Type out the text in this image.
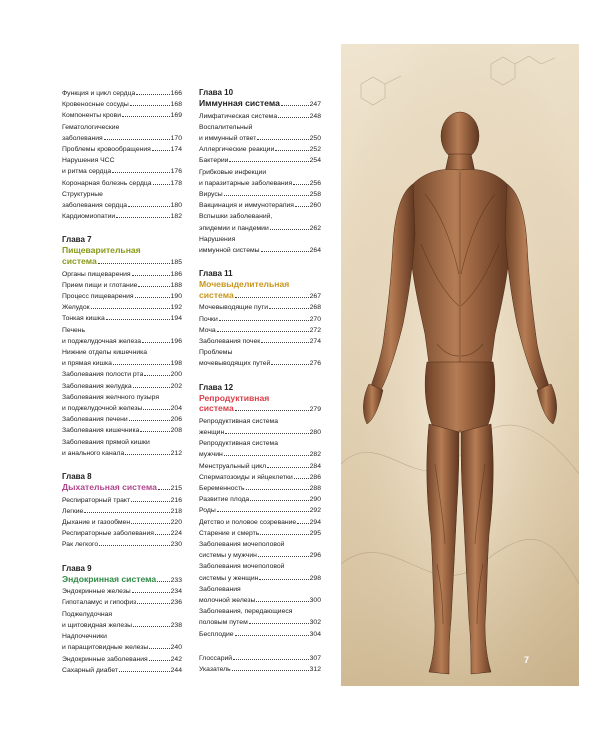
Функция и цикл сердца	166
Кровеносные сосуды	168
Компоненты крови	169
Гематологические
заболевания	170
Проблемы кровообращения	174
Нарушения ЧСС
и ритма сердца	176
Коронарная болезнь сердца	178
Структурные
заболевания сердца	180
Кардиомиопатии	182
Глава 7
Пищеварительная
система	185
Органы пищеварения	186
Прием пищи и глотание	188
Процесс пищеварения	190
Желудок	192
Тонкая кишка	194
Печень
и поджелудочная железа	196
Нижние отделы кишечника
и прямая кишка	198
Заболевания полости рта	200
Заболевания желудка	202
Заболевания желчного пузыря
и поджелудочной железы	204
Заболевания печени	206
Заболевания кишечника	208
Заболевания прямой кишки
и анального канала	212
Глава 8
Дыхательная система 215
Респираторный тракт	216
Легкие	218
Дыхание и газообмен	220
Респираторные заболевания 224
Рак легкого	230
Глава 9
Эндокринная система 233
Эндокринные железы	234
Гипоталамус и гипофиз	236
Поджелудочная
и щитовидная железы	238
Надпочечники
и паращитовидные железы	240
Эндокринные заболевания	242
Сахарный диабет	244
Глава 10
Иммунная система	247
Лимфатическая система	248
Воспалительный
и иммунный ответ	250
Аллергические реакции	252
Бактерии	254
Грибковые инфекции
и паразитарные заболевания	256
Вирусы	258
Вакцинация и иммунотерапия 260
Вспышки заболеваний,
эпидемии и пандемии	262
Нарушения
иммунной системы	264
Глава 11
Мочевыделительная
система	267
Мочевыводящие пути	268
Почки	270
Моча	272
Заболевания почек	274
Проблемы
мочевыводящих путей	276
Глава 12
Репродуктивная
система	279
Репродуктивная система
женщин	280
Репродуктивная система
мужчин	282
Менструальный цикл	284
Сперматозоиды и яйцеклетки 286
Беременность	288
Развитие плода	290
Роды	292
Детство и половое созревание 294
Старение и смерть	295
Заболевания мочеполовой
системы у мужчин	296
Заболевания мочеполовой
системы у женщин	298
Заболевания
молочной железы	300
Заболевания, передающиеся
половым путем	302
Бесплодие	304
Глоссарий	307
Указатель	312
7
